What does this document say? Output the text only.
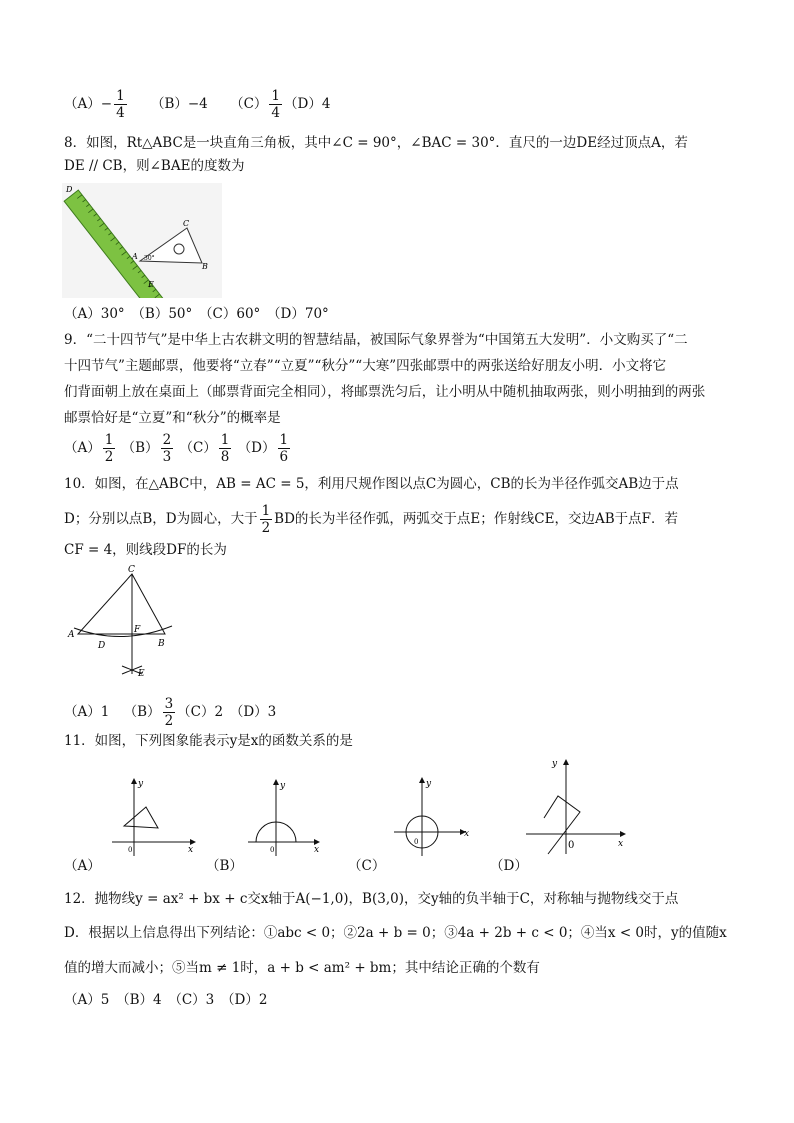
$(A)- \frac{1}{4} (B)-4$ $(C) \frac{1}{4} (D)4$
8．如图，Rt△ABC是一块直角三角板，其中∠C = 90°，∠BAC = 30°．直尺的一边DE经过顶点A，若
DE // CB，则∠BAE的度数为
D
C
A 30°
B
E
（A）30°　（B）50°　（C）60°　（D）70°
9．“二十四节气”是中华上古农耕文明的智慧结晶，被国际气象界誉为“中国第五大发明”．小文购买了“二
十四节气”主题邮票，他要将“立春”“立夏”“秋分”“大寒”四张邮票中的两张送给好朋友小明．小文将它
们背面朝上放在桌面上（邮票背面完全相同），将邮票洗匀后，让小明从中随机抽取两张，则小明抽到的两张
邮票恰好是“立夏”和“秋分”的概率是
$(A) \frac{1}{2} (B) \frac{2}{3} (C) \frac{1}{8} (D) \frac{1}{6}$
10．如图，在△ABC中，AB = AC = 5，利用尺规作图以点C为圆心，CB的长为半径作弧交AB边于点
D；分别以点B，D为圆心，大于 $\frac{1}{2}$ BD的长为半径作弧，两弧交于点E；作射线CE，交边AB于点F．若
CF = 4，则线段DF的长为
C
A	F
D	B
E
（A）1 $(B) \frac{3}{2} (C)2$　（D）3
11．如图，下列图象能表示y是x的函数关系的是
y
x
0
（A）
y
x
0
（B）
y
x
0
（C）
y
x
0
（D）
12．抛物线y = ax² + bx + c交x轴于A(−1,0)，B(3,0)，交y轴的负半轴于C，对称轴与抛物线交于点
D．根据以上信息得出下列结论：①abc < 0；②2a + b = 0；③4a + 2b + c < 0；④当x < 0时，y的值随x
值的增大而减小；⑤当m ≠ 1时，a + b < am² + bm；其中结论正确的个数有
（A）5　（B）4　（C）3　（D）2
